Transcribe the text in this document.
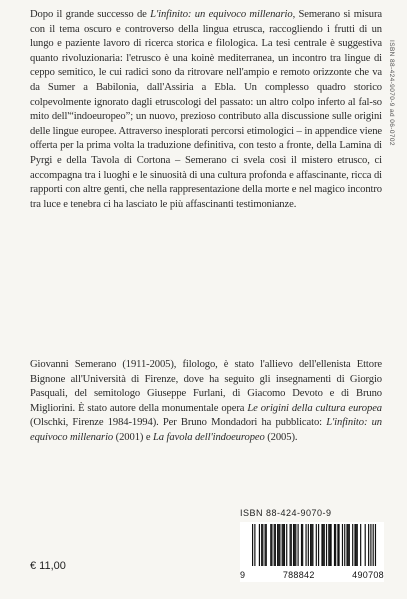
Dopo il grande successo de L'infinito: un equivoco millenario, Semerano si misura con il tema oscuro e controverso della lingua etrusca, raccogliendo i frutti di un lungo e paziente lavoro di ricerca storica e filologica. La tesi centrale è suggestiva quanto rivoluzionaria: l'etrusco è una koinè mediterranea, un incontro tra lingue di ceppo semitico, le cui radici sono da ritrovare nell'ampio e remoto orizzonte che va da Sumer a Babilonia, dall'Assiria a Ebla. Un complesso quadro storico colpevolmente ignorato dagli etruscologi del passato: un altro colpo inferto al fal-so mito dell'“indoeuropeo”; un nuovo, prezioso contributo alla discussione sulle origini delle lingue europee. Attraverso inesplorati percorsi etimologici – in appendice viene offerta per la prima volta la traduzione definitiva, con testo a fronte, della Lamina di Pyrgi e della Tavola di Cortona – Semerano ci svela così il mistero etrusco, ci accompagna tra i luoghi e le sinuosità di una cultura profonda e affascinante, ricca di rapporti con altre genti, che nella rappresentazione della morte e nel magico incontro tra luce e tenebra ci ha lasciato le più affascinanti testimonianze.

ISBN 88-424-9070-9 ad 06-0702

Giovanni Semerano (1911-2005), filologo, è stato l'allievo dell'ellenista Ettore Bignone all'Università di Firenze, dove ha seguito gli insegnamenti di Giorgio Pasquali, del semitologo Giuseppe Furlani, di Giacomo Devoto e di Bruno Migliorini. È stato autore della monumentale opera Le origini della cultura europea (Olschki, Firenze 1984-1994). Per Bruno Mondadori ha pubblicato: L'infinito: un equivoco millenario (2001) e La favola dell'indoeuropeo (2005).

ISBN 88-424-9070-9
9	788842	490708
€ 11,00
